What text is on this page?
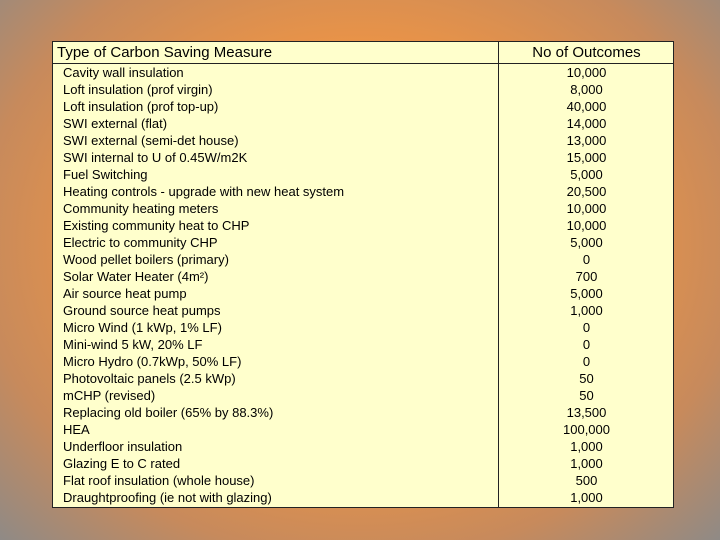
Type of Carbon Saving Measure	No of Outcomes
Cavity wall insulation	10,000
Loft insulation (prof virgin)	8,000
Loft insulation (prof top-up)	40,000
SWI external (flat)	14,000
SWI external (semi-det house)	13,000
SWI internal to U of 0.45W/m2K	15,000
Fuel Switching	5,000
Heating controls - upgrade with new heat system	20,500
Community heating meters	10,000
Existing community heat to CHP	10,000
Electric to community CHP	5,000
Wood pellet boilers (primary)	0
Solar Water Heater (4m²)	700
Air source heat pump	5,000
Ground source heat pumps	1,000
Micro Wind (1 kWp, 1% LF)	0
Mini-wind 5 kW, 20% LF	0
Micro Hydro (0.7kWp, 50% LF)	0
Photovoltaic panels (2.5 kWp)	50
mCHP (revised)	50
Replacing old boiler (65% by 88.3%)	13,500
HEA	100,000
Underfloor insulation	1,000
Glazing E to C rated	1,000
Flat roof insulation (whole house)	500
Draughtproofing (ie not with glazing)	1,000
